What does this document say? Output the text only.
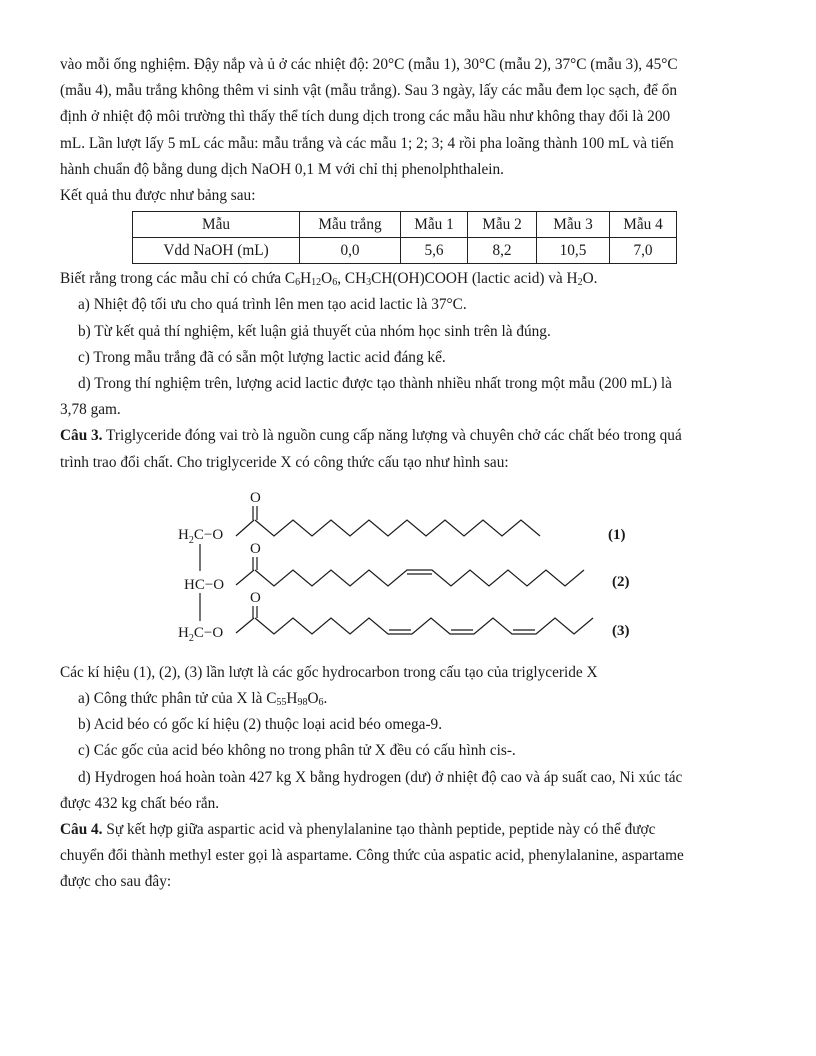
vào mỗi ống nghiệm. Đậy nắp và ủ ở các nhiệt độ: 20°C (mẫu 1), 30°C (mẫu 2), 37°C (mẫu 3), 45°C

(mẫu 4), mẫu trắng không thêm vi sinh vật (mẫu trắng). Sau 3 ngày, lấy các mẫu đem lọc sạch, để ổn

định ở nhiệt độ môi trường thì thấy thể tích dung dịch trong các mẫu hầu như không thay đổi là 200

mL. Lần lượt lấy 5 mL các mẫu: mẫu trắng và các mẫu 1; 2; 3; 4 rồi pha loãng thành 100 mL và tiến

hành chuẩn độ bằng dung dịch NaOH 0,1 M với chỉ thị phenolphthalein.

Kết quả thu được như bảng sau:

Mẫu	Mẫu trắng	Mẫu 1	Mẫu 2	Mẫu 3	Mẫu 4
Vdd NaOH (mL)	0,0	5,6	8,2	10,5	7,0

Biết rằng trong các mẫu chỉ có chứa $C_6H_{12}O_6$, $CH_3CH(OH)COOH$ (lactic acid) và $H_2O$.

a) Nhiệt độ tối ưu cho quá trình lên men tạo acid lactic là 37°C.

b) Từ kết quả thí nghiệm, kết luận giả thuyết của nhóm học sinh trên là đúng.

c) Trong mẫu trắng đã có sẵn một lượng lactic acid đáng kể.

d) Trong thí nghiệm trên, lượng acid lactic được tạo thành nhiều nhất trong một mẫu (200 mL) là

3,78 gam.

Câu 3. Triglyceride đóng vai trò là nguồn cung cấp năng lượng và chuyên chở các chất béo trong quá

trình trao đổi chất. Cho triglyceride X có công thức cấu tạo như hình sau:

O
O
O
$H_2C-O$
HC−O
$H_2C-O$
(1)
(2)
(3)

Các kí hiệu (1), (2), (3) lần lượt là các gốc hydrocarbon trong cấu tạo của triglyceride X

a) Công thức phân tử của X là $C_{55}H_{98}O_6$.

b) Acid béo có gốc kí hiệu (2) thuộc loại acid béo omega-9.

c) Các gốc của acid béo không no trong phân tử X đều có cấu hình cis-.

d) Hydrogen hoá hoàn toàn 427 kg X bằng hydrogen (dư) ở nhiệt độ cao và áp suất cao, Ni xúc tác

được 432 kg chất béo rắn.

Câu 4. Sự kết hợp giữa aspartic acid và phenylalanine tạo thành peptide, peptide này có thể được

chuyển đổi thành methyl ester gọi là aspartame. Công thức của aspatic acid, phenylalanine, aspartame

được cho sau đây:
